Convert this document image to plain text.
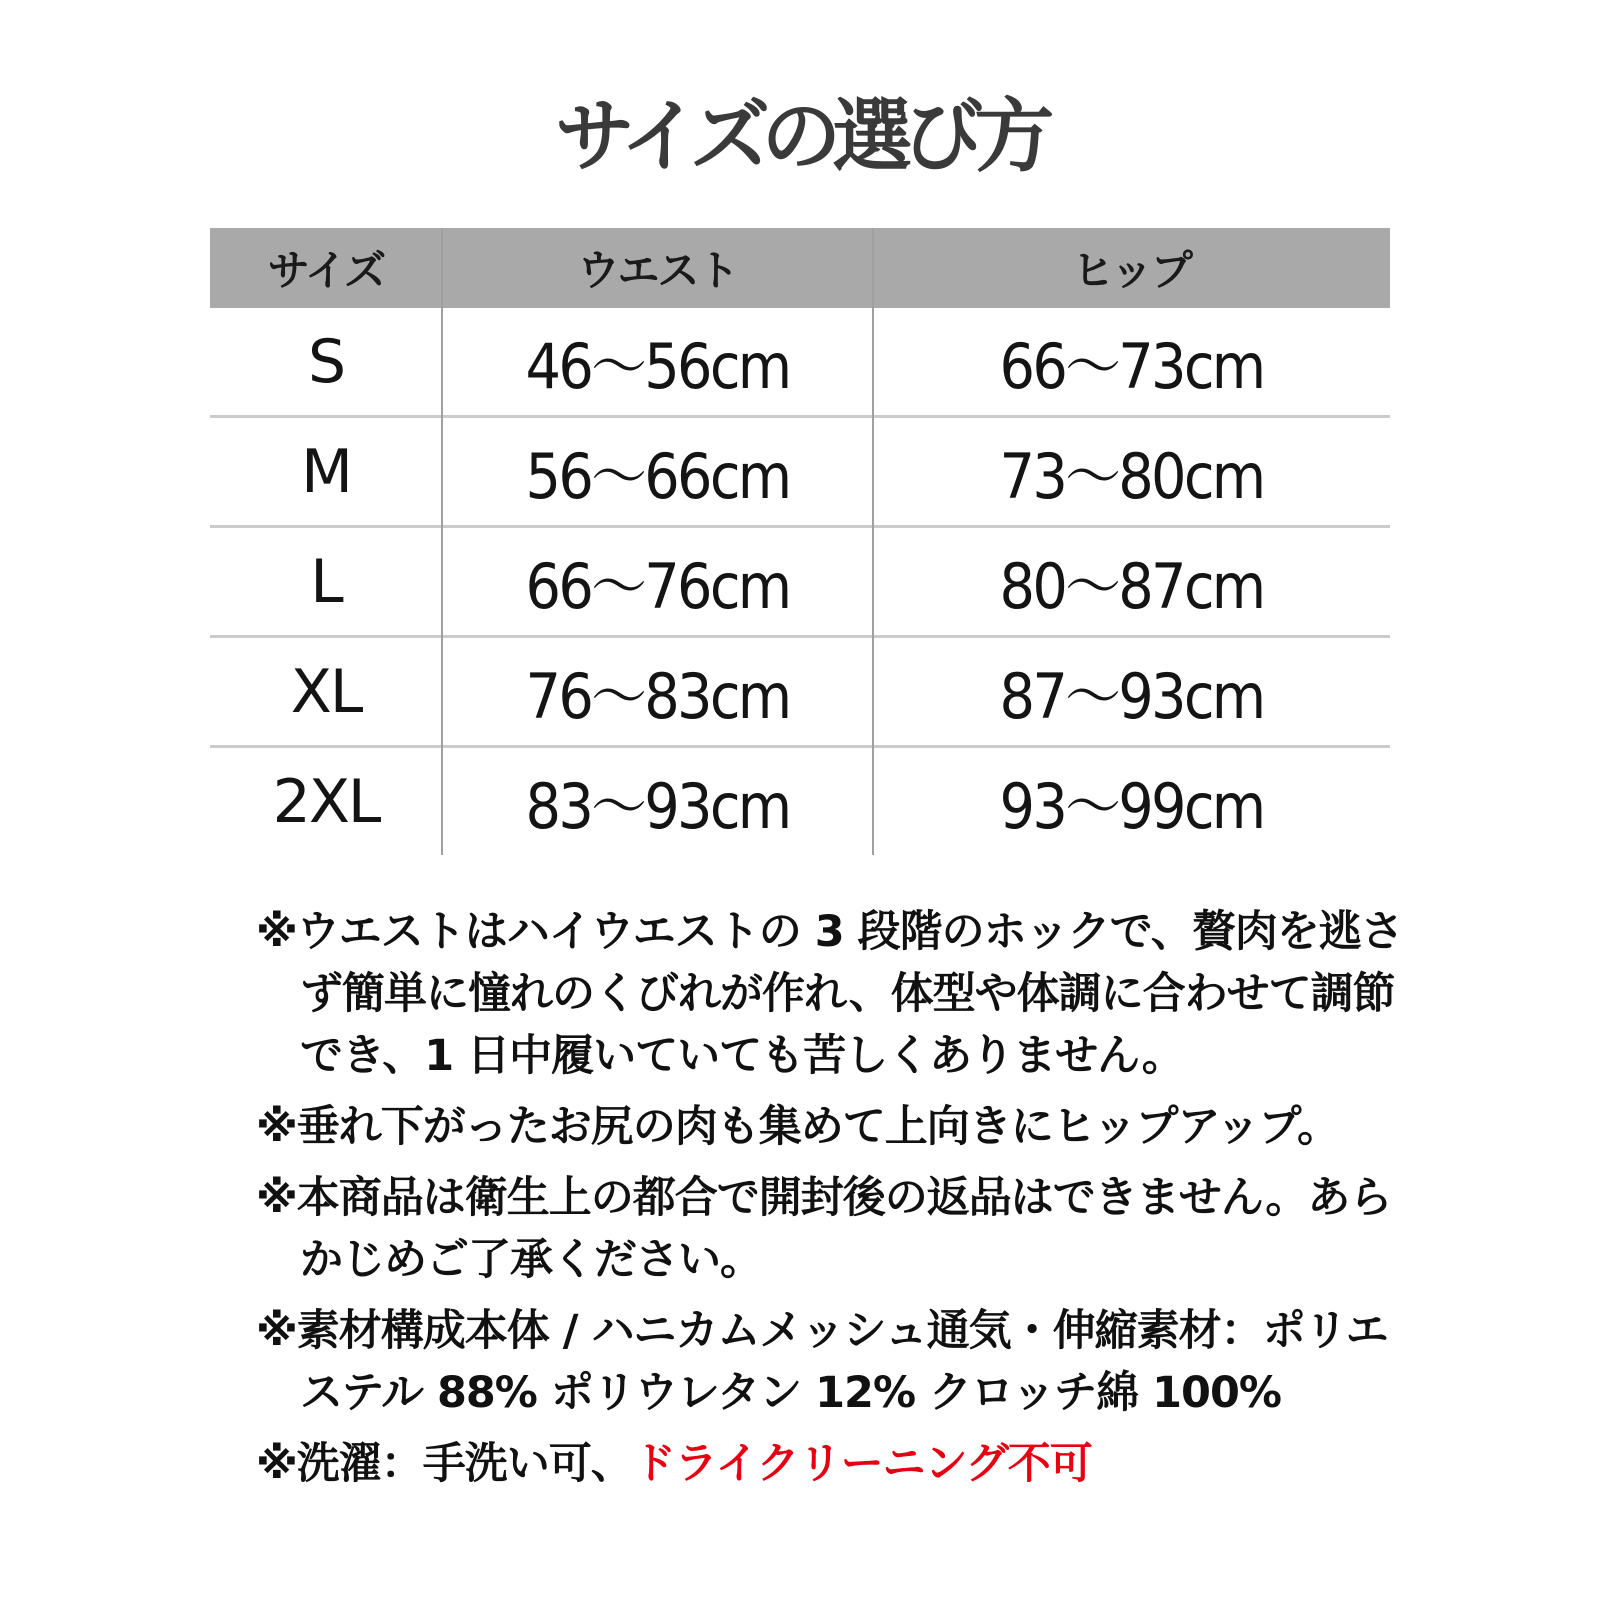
サイズの選び方
サイズ	ウエスト	ヒップ
S	46〜56cm	66〜73cm
M	56〜66cm	73〜80cm
L	66〜76cm	80〜87cm
XL	76〜83cm	87〜93cm
2XL	83〜93cm	93〜99cm
※ウエストはハイウエストの 3 段階のホックで、贅肉を逃さ
ず簡単に憧れのくびれが作れ、体型や体調に合わせて調節
でき、1 日中履いていても苦しくありません。
※垂れ下がったお尻の肉も集めて上向きにヒップアップ。
※本商品は衛生上の都合で開封後の返品はできません。あら
かじめご了承ください。
※素材構成本体 / ハニカムメッシュ通気・伸縮素材：ポリエ
ステル 88% ポリウレタン 12% クロッチ綿 100%
※洗濯：手洗い可、ドライクリーニング不可
